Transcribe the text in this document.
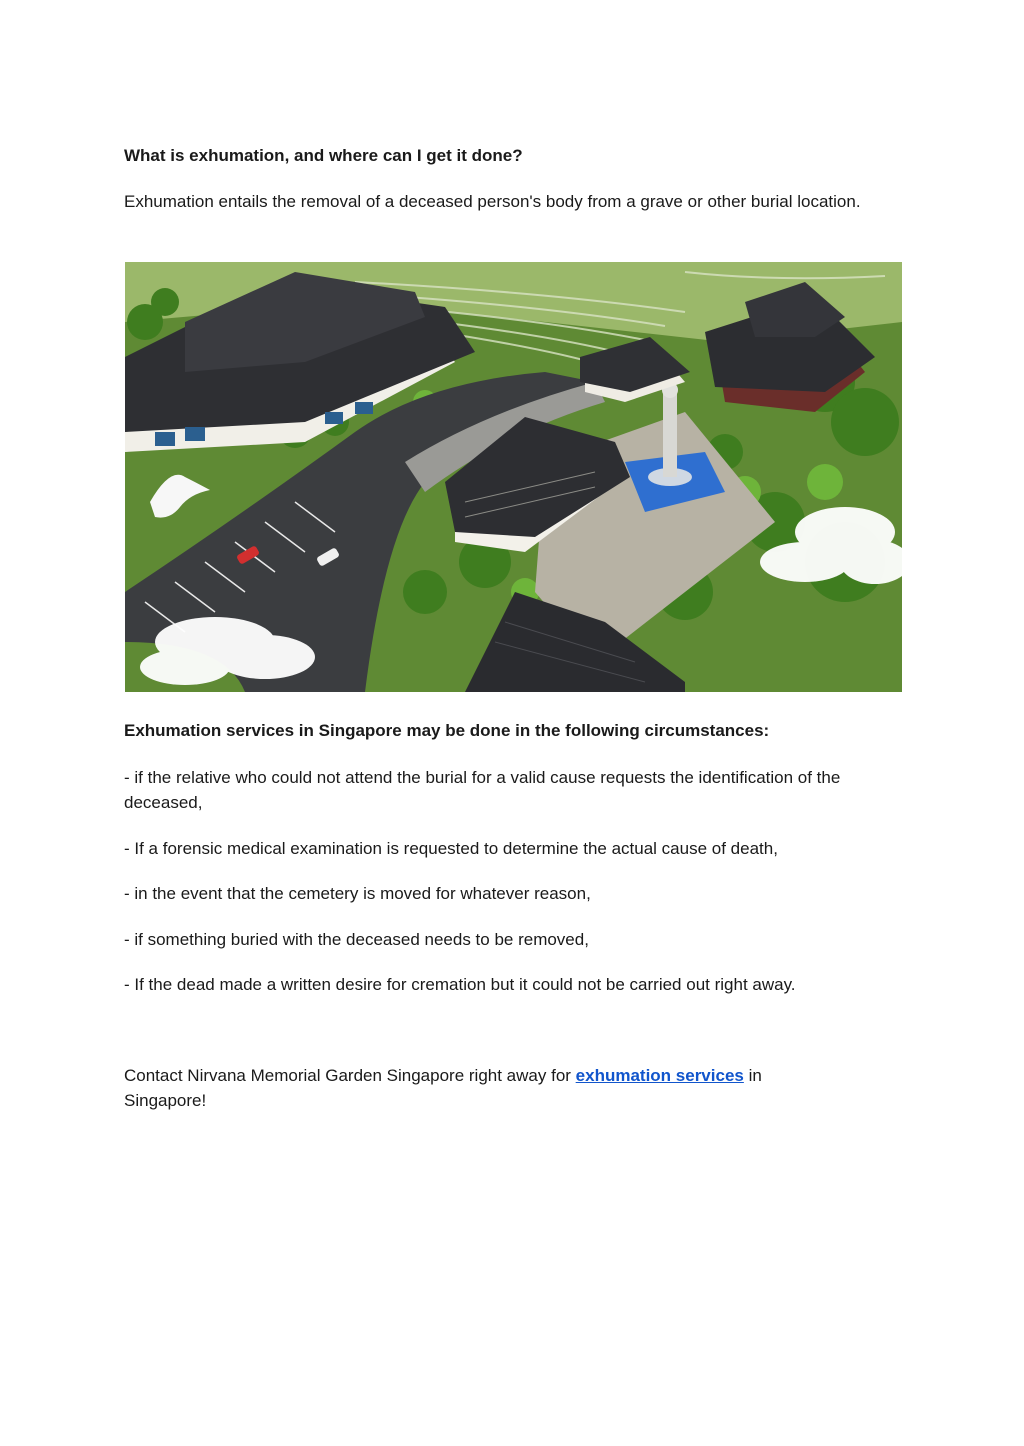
What is exhumation, and where can I get it done?

Exhumation entails the removal of a deceased person's body from a grave or other burial location.

Exhumation services in Singapore may be done in the following circumstances:

- if the relative who could not attend the burial for a valid cause requests the identification of the deceased,

- If a forensic medical examination is requested to determine the actual cause of death,

- in the event that the cemetery is moved for whatever reason,

- if something buried with the deceased needs to be removed,

- If the dead made a written desire for cremation but it could not be carried out right away.

Contact Nirvana Memorial Garden Singapore right away for exhumation services in Singapore!
